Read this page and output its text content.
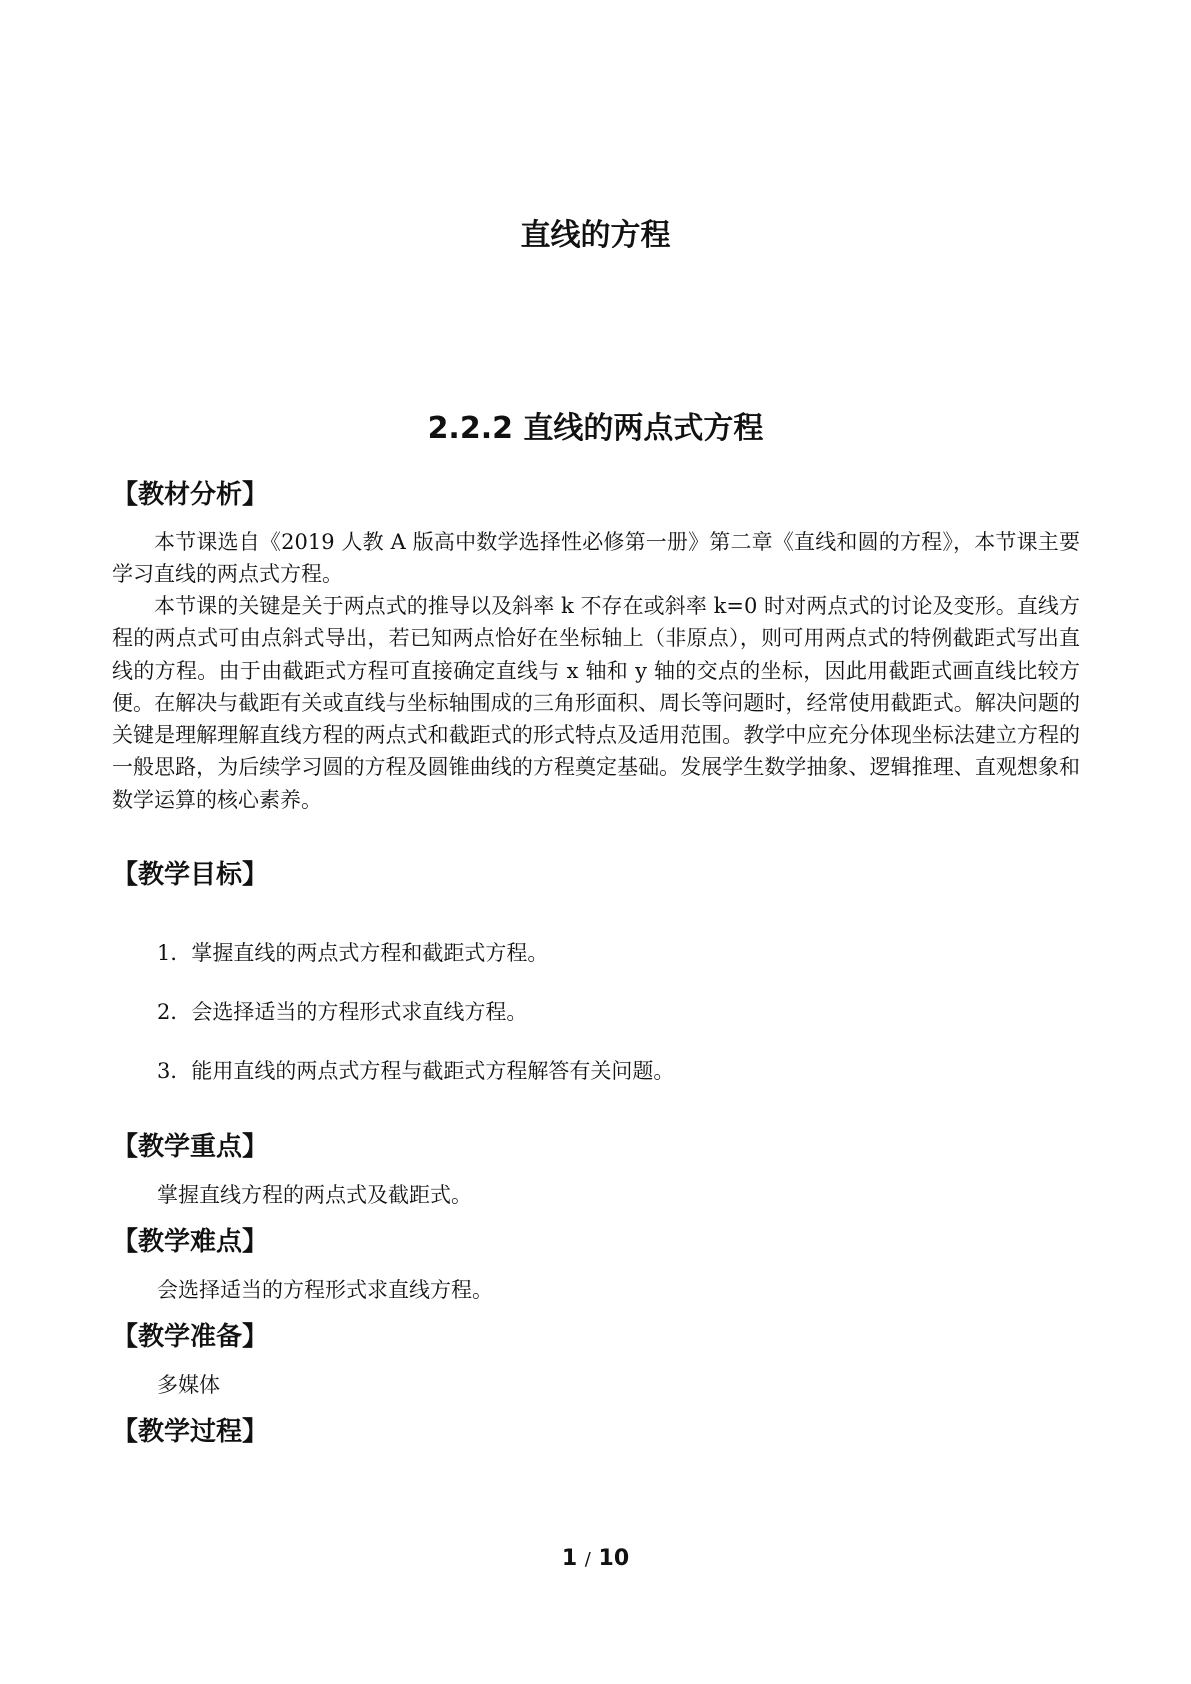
直线的方程
2.2.2 直线的两点式方程
【教材分析】

本节课选自《2019 人教 A 版高中数学选择性必修第一册》第二章《直线和圆的方程》，本节课主要学习直线的两点式方程。

本节课的关键是关于两点式的推导以及斜率 k 不存在或斜率 k=0 时对两点式的讨论及变形。直线方程的两点式可由点斜式导出，若已知两点恰好在坐标轴上（非原点），则可用两点式的特例截距式写出直线的方程。由于由截距式方程可直接确定直线与 x 轴和 y 轴的交点的坐标，因此用截距式画直线比较方便。在解决与截距有关或直线与坐标轴围成的三角形面积、周长等问题时，经常使用截距式。解决问题的关键是理解理解直线方程的两点式和截距式的形式特点及适用范围。教学中应充分体现坐标法建立方程的一般思路，为后续学习圆的方程及圆锥曲线的方程奠定基础。发展学生数学抽象、逻辑推理、直观想象和数学运算的核心素养。

【教学目标】

1．掌握直线的两点式方程和截距式方程。

2．会选择适当的方程形式求直线方程。

3．能用直线的两点式方程与截距式方程解答有关问题。

【教学重点】

掌握直线方程的两点式及截距式。

【教学难点】

会选择适当的方程形式求直线方程。

【教学准备】

多媒体

【教学过程】
1 / 10
